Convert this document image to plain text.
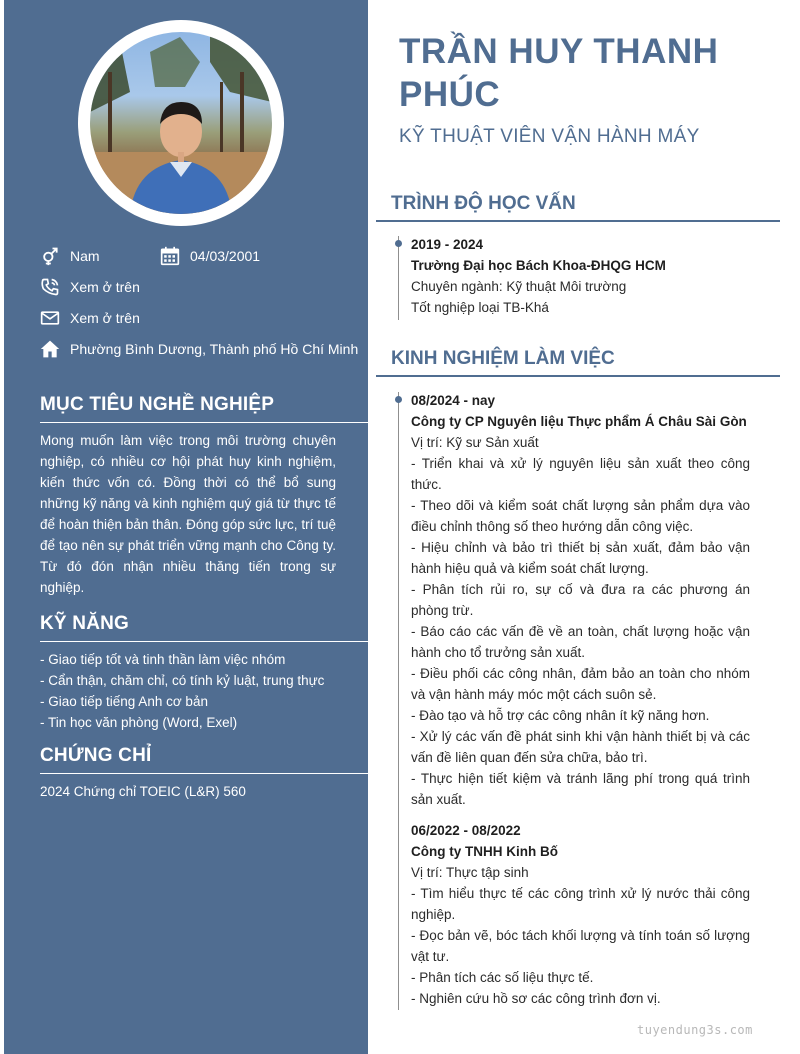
Nam	04/03/2001
Xem ở trên
Xem ở trên
Phường Bình Dương, Thành phố Hồ Chí Minh
MỤC TIÊU NGHỀ NGHIỆP

Mong muốn làm việc trong môi trường chuyên nghiệp, có nhiều cơ hội phát huy kinh nghiệm, kiến thức vốn có. Đồng thời có thể bổ sung những kỹ năng và kinh nghiệm quý giá từ thực tế để hoàn thiện bản thân. Đóng góp sức lực, trí tuệ để tạo nên sự phát triển vững mạnh cho Công ty. Từ đó đón nhận nhiều thăng tiến trong sự nghiệp.

KỸ NĂNG
- Giao tiếp tốt và tinh thần làm việc nhóm
- Cẩn thận, chăm chỉ, có tính kỷ luật, trung thực
- Giao tiếp tiếng Anh cơ bản
- Tin học văn phòng (Word, Exel)
CHỨNG CHỈ
2024 Chứng chỉ TOEIC (L&R) 560
TRẦN HUY THANH PHÚC
KỸ THUẬT VIÊN VẬN HÀNH MÁY
TRÌNH ĐỘ HỌC VẤN
2019 - 2024
Trường Đại học Bách Khoa-ĐHQG HCM
Chuyên ngành: Kỹ thuật Môi trường
Tốt nghiệp loại TB-Khá
KINH NGHIỆM LÀM VIỆC
08/2024 - nay
Công ty CP Nguyên liệu Thực phẩm Á Châu Sài Gòn
Vị trí: Kỹ sư Sản xuất
- Triển khai và xử lý nguyên liệu sản xuất theo công thức.
- Theo dõi và kiểm soát chất lượng sản phẩm dựa vào điều chỉnh thông số theo hướng dẫn công việc.
- Hiệu chỉnh và bảo trì thiết bị sản xuất, đảm bảo vận hành hiệu quả và kiểm soát chất lượng.
- Phân tích rủi ro, sự cố và đưa ra các phương án phòng trừ.
- Báo cáo các vấn đề về an toàn, chất lượng hoặc vận hành cho tổ trưởng sản xuất.
- Điều phối các công nhân, đảm bảo an toàn cho nhóm và vận hành máy móc một cách suôn sẻ.
- Đào tạo và hỗ trợ các công nhân ít kỹ năng hơn.
- Xử lý các vấn đề phát sinh khi vận hành thiết bị và các vấn đề liên quan đến sửa chữa, bảo trì.
- Thực hiện tiết kiệm và tránh lãng phí trong quá trình sản xuất.
06/2022 - 08/2022
Công ty TNHH Kinh Bố
Vị trí: Thực tập sinh
- Tìm hiểu thực tế các công trình xử lý nước thải công nghiệp.
- Đọc bản vẽ, bóc tách khối lượng và tính toán số lượng vật tư.
- Phân tích các số liệu thực tế.
- Nghiên cứu hồ sơ các công trình đơn vị.
tuyendung3s.com
